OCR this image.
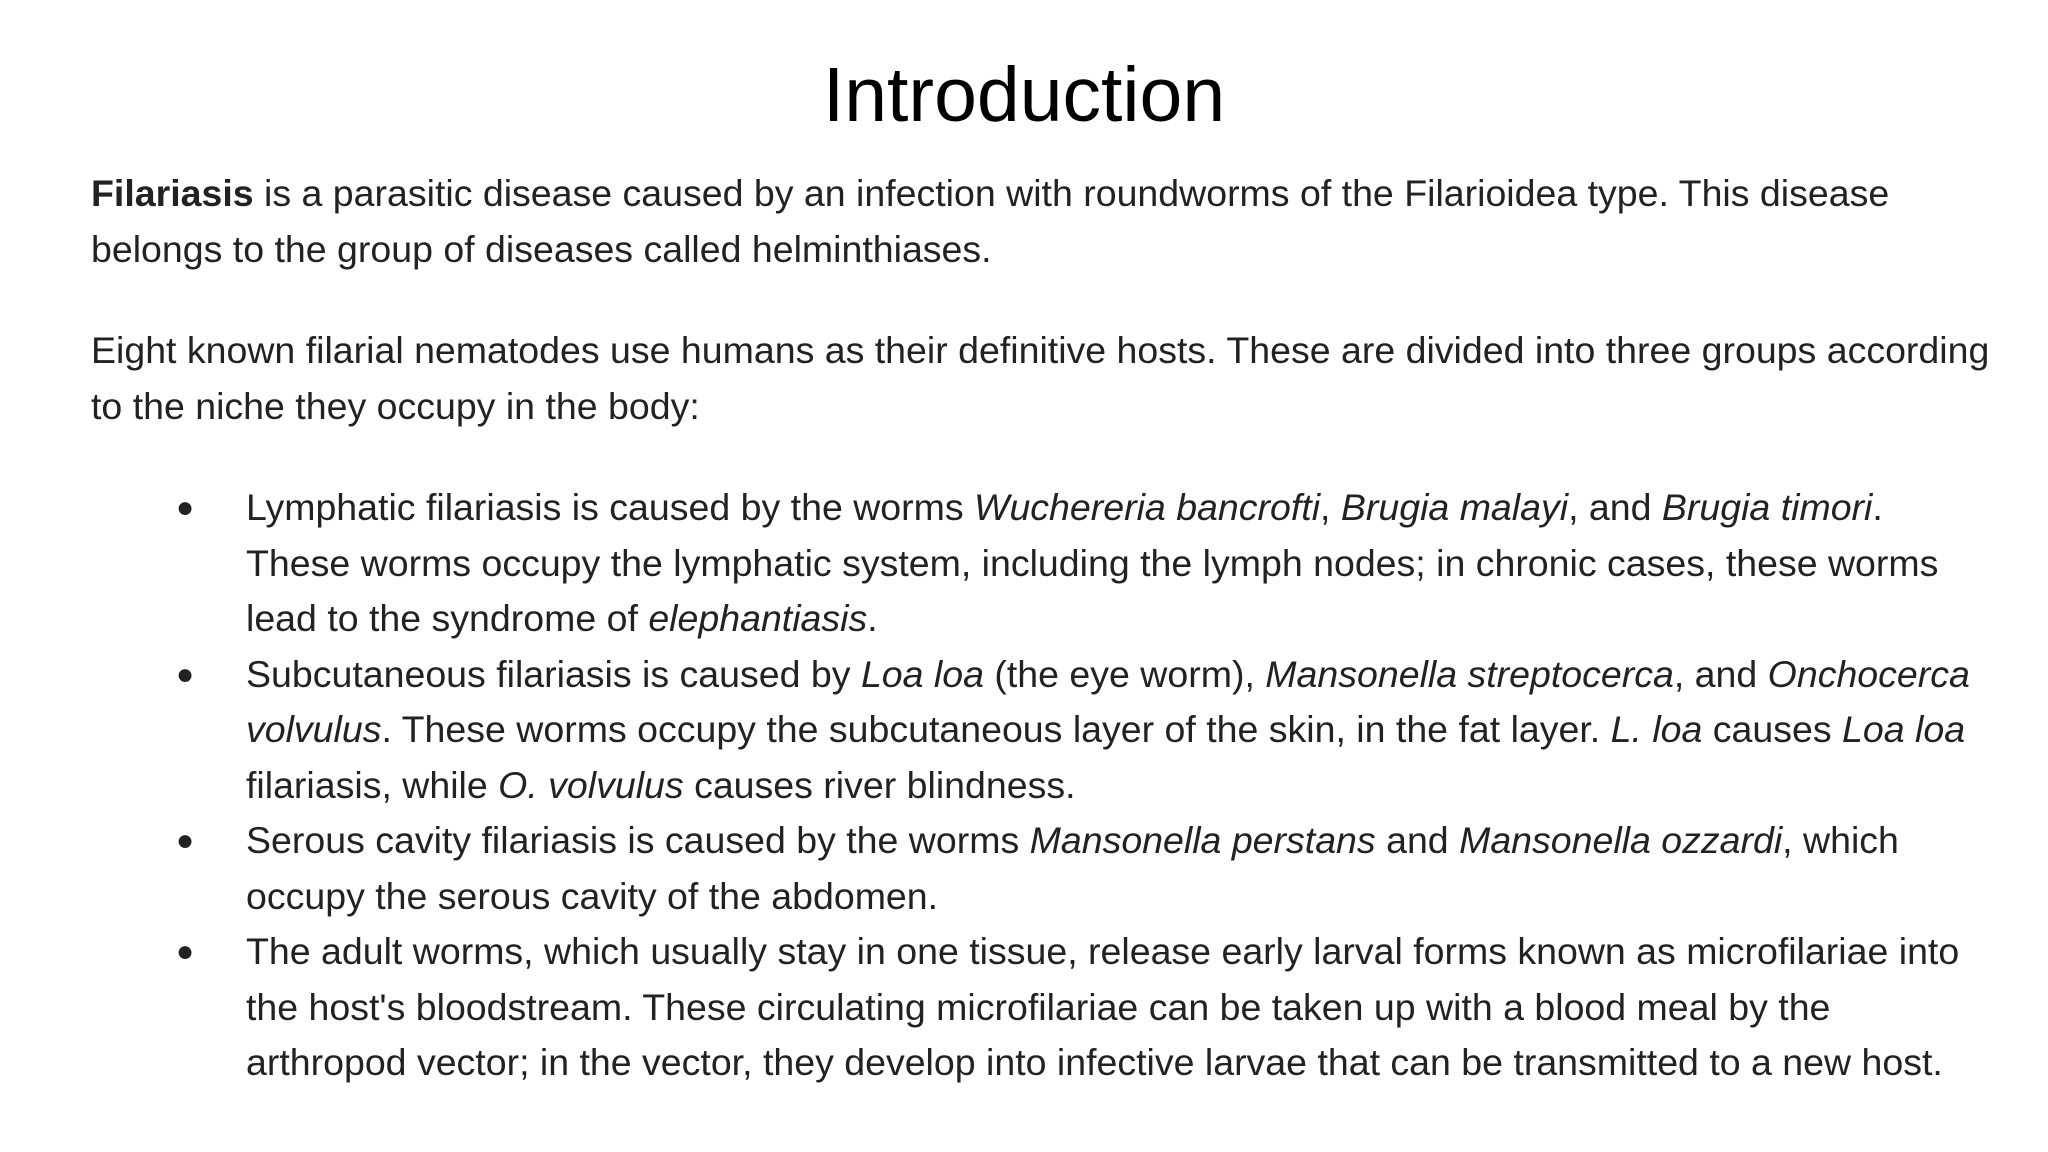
Introduction

Filariasis is a parasitic disease caused by an infection with roundworms of the Filarioidea type. This disease belongs to the group of diseases called helminthiases.

Eight known filarial nematodes use humans as their definitive hosts. These are divided into three groups according to the niche they occupy in the body:

● Lymphatic filariasis is caused by the worms Wuchereria bancrofti, Brugia malayi, and Brugia timori. These worms occupy the lymphatic system, including the lymph nodes; in chronic cases, these worms lead to the syndrome of elephantiasis.
● Subcutaneous filariasis is caused by Loa loa (the eye worm), Mansonella streptocerca, and Onchocerca volvulus. These worms occupy the subcutaneous layer of the skin, in the fat layer. L. loa causes Loa loa filariasis, while O. volvulus causes river blindness.
● Serous cavity filariasis is caused by the worms Mansonella perstans and Mansonella ozzardi, which occupy the serous cavity of the abdomen.
● The adult worms, which usually stay in one tissue, release early larval forms known as microfilariae into the host's bloodstream. These circulating microfilariae can be taken up with a blood meal by the arthropod vector; in the vector, they develop into infective larvae that can be transmitted to a new host.
